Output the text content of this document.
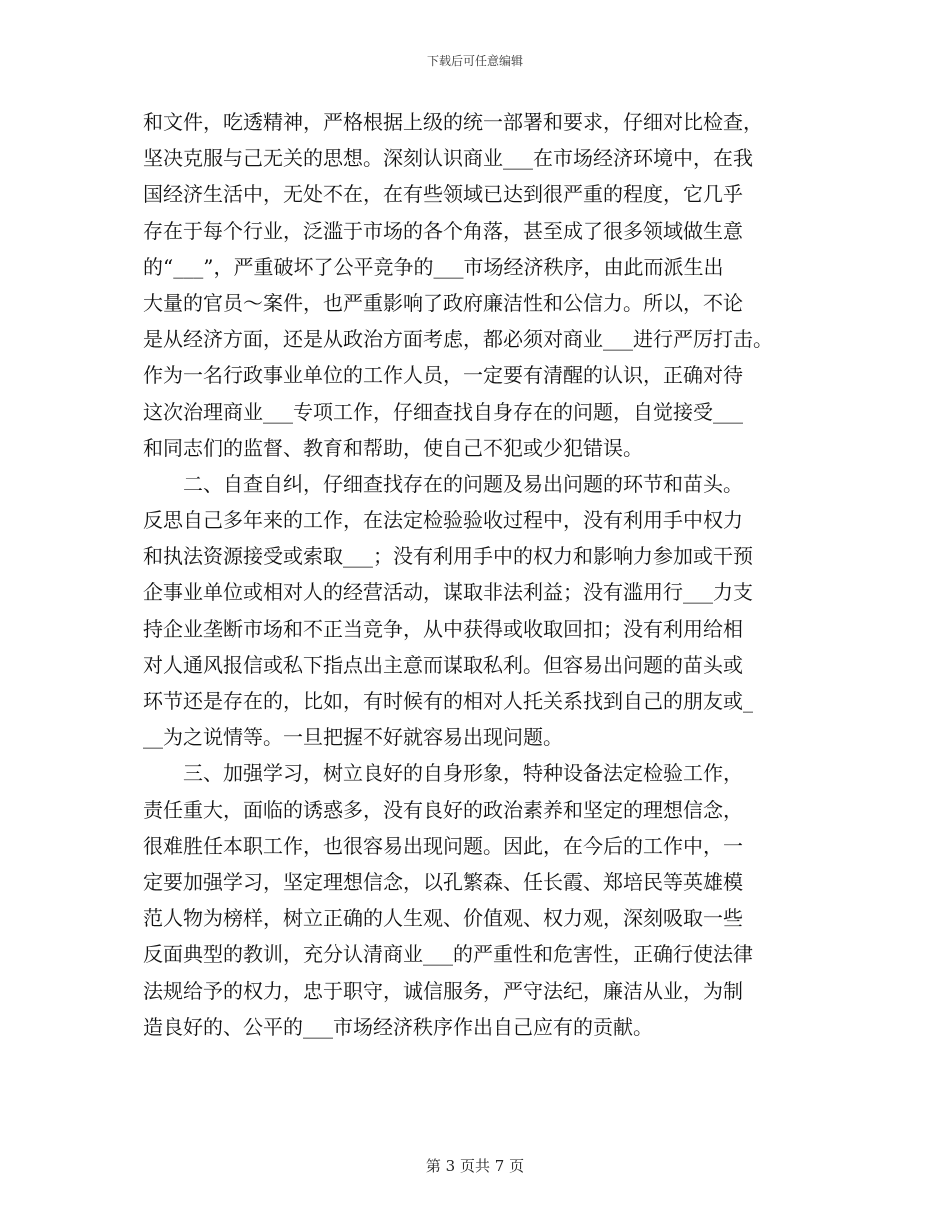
下载后可任意编辑
和文件，吃透精神，严格根据上级的统一部署和要求，仔细对比检查，
坚决克服与己无关的思想。深刻认识商业___在市场经济环境中，在我
国经济生活中，无处不在，在有些领域已达到很严重的程度，它几乎
存在于每个行业，泛滥于市场的各个角落，甚至成了很多领域做生意
的“___”，严重破坏了公平竞争的___市场经济秩序，由此而派生出
大量的官员～案件，也严重影响了政府廉洁性和公信力。所以，不论
是从经济方面，还是从政治方面考虑，都必须对商业___进行严厉打击。
作为一名行政事业单位的工作人员，一定要有清醒的认识，正确对待
这次治理商业___专项工作，仔细查找自身存在的问题，自觉接受___
和同志们的监督、教育和帮助，使自己不犯或少犯错误。
　　二、自查自纠，仔细查找存在的问题及易出问题的环节和苗头。
反思自己多年来的工作，在法定检验验收过程中，没有利用手中权力
和执法资源接受或索取___；没有利用手中的权力和影响力参加或干预
企事业单位或相对人的经营活动，谋取非法利益；没有滥用行___力支
持企业垄断市场和不正当竞争，从中获得或收取回扣；没有利用给相
对人通风报信或私下指点出主意而谋取私利。但容易出问题的苗头或
环节还是存在的，比如，有时候有的相对人托关系找到自己的朋友或_
__为之说情等。一旦把握不好就容易出现问题。
　　三、加强学习，树立良好的自身形象，特种设备法定检验工作，
责任重大，面临的诱惑多，没有良好的政治素养和坚定的理想信念，
很难胜任本职工作，也很容易出现问题。因此，在今后的工作中，一
定要加强学习，坚定理想信念，以孔繁森、任长霞、郑培民等英雄模
范人物为榜样，树立正确的人生观、价值观、权力观，深刻吸取一些
反面典型的教训，充分认清商业___的严重性和危害性，正确行使法律
法规给予的权力，忠于职守，诚信服务，严守法纪，廉洁从业，为制
造良好的、公平的___市场经济秩序作出自己应有的贡献。
第 3 页共 7 页
